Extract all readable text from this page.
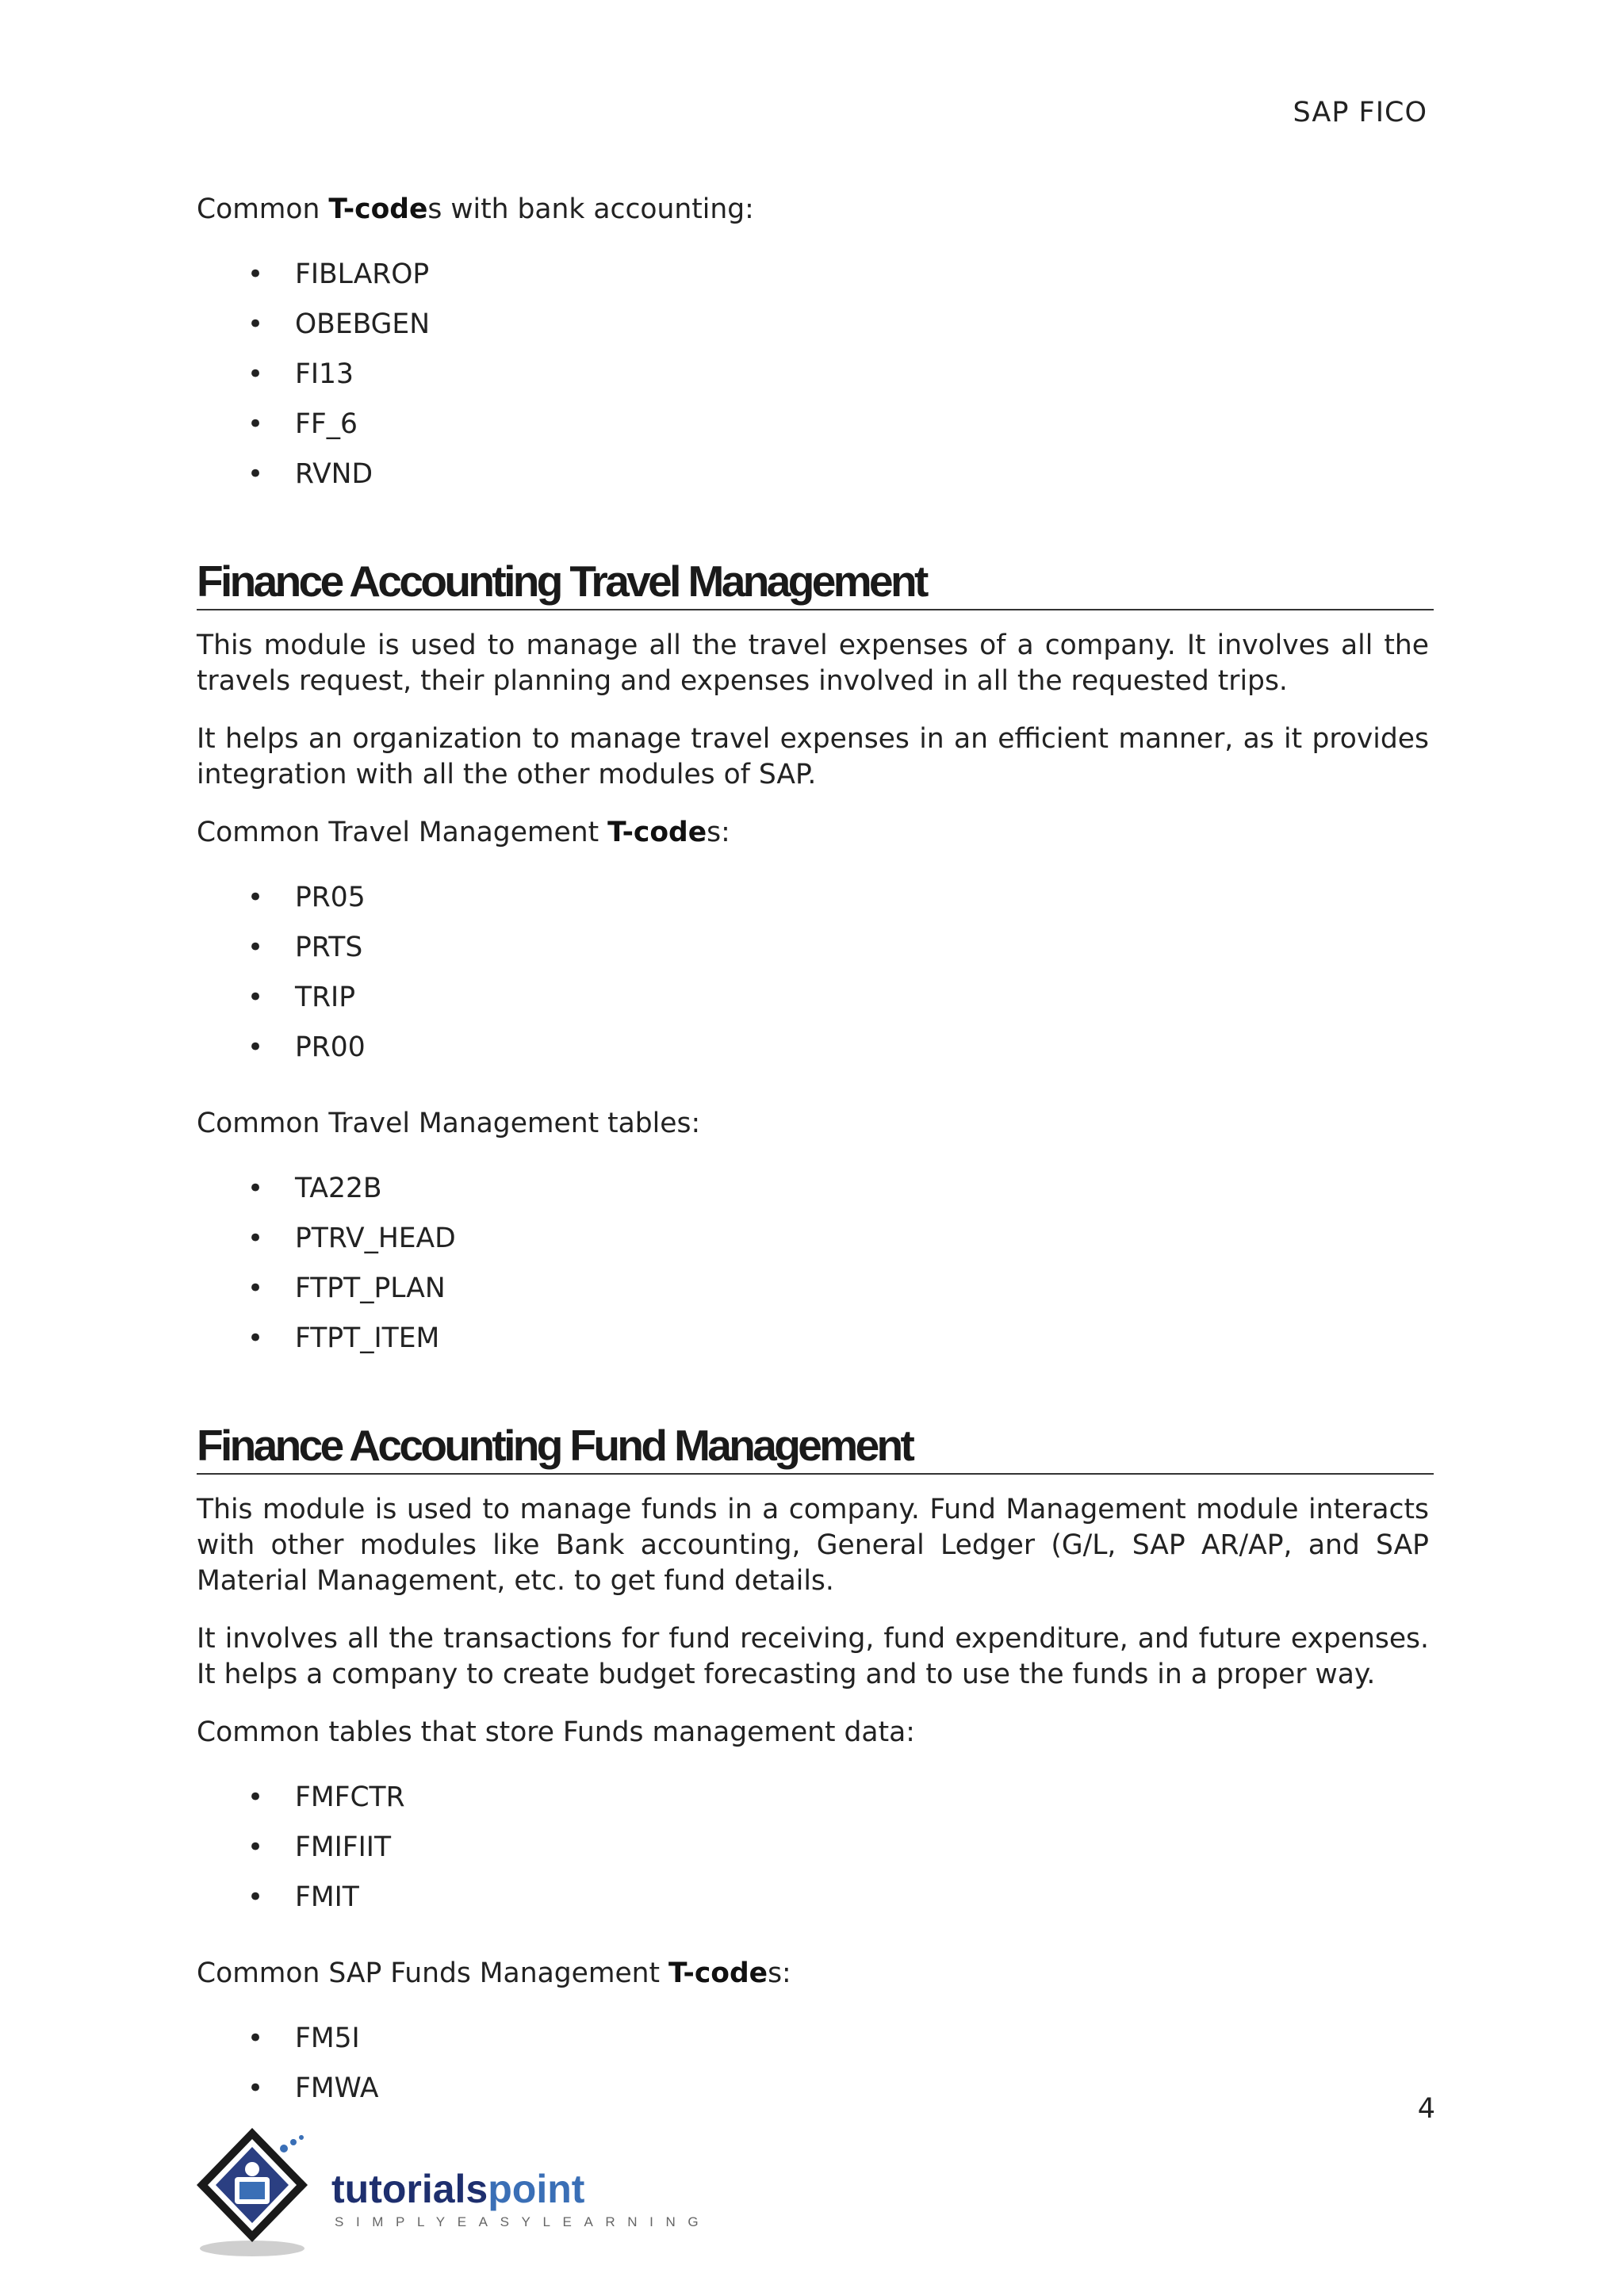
SAP FICO

Common T-codes with bank accounting:

• FIBLAROP
• OBEBGEN
• FI13
• FF_6
• RVND
Finance Accounting Travel Management

This module is used to manage all the travel expenses of a company. It involves all the travels request, their planning and expenses involved in all the requested trips.

It helps an organization to manage travel expenses in an efficient manner, as it provides integration with all the other modules of SAP.

Common Travel Management T-codes:

• PR05
• PRTS
• TRIP
• PR00

Common Travel Management tables:

• TA22B
• PTRV_HEAD
• FTPT_PLAN
• FTPT_ITEM
Finance Accounting Fund Management

This module is used to manage funds in a company. Fund Management module interacts with other modules like Bank accounting, General Ledger (G/L, SAP AR/AP, and SAP Material Management, etc. to get fund details.

It involves all the transactions for fund receiving, fund expenditure, and future expenses. It helps a company to create budget forecasting and to use the funds in a proper way.

Common tables that store Funds management data:

• FMFCTR
• FMIFIIT
• FMIT

Common SAP Funds Management T-codes:

• FM5I
• FMWA
4
tutorialspoint
SIMPLYEASYLEARNING
